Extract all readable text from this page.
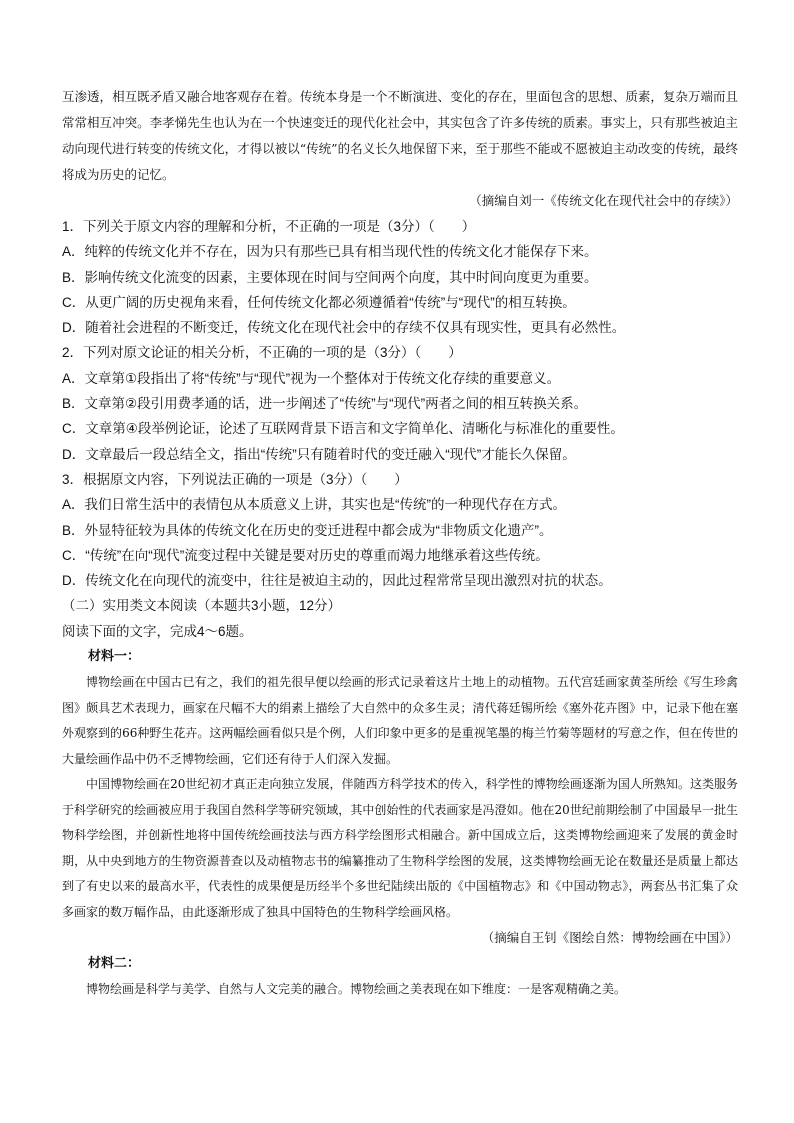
互渗透，相互既矛盾又融合地客观存在着。传统本身是一个不断演进、变化的存在，里面包含的思想、质素，复杂万端而且常常相互冲突。李孝悌先生也认为在一个快速变迁的现代化社会中，其实包含了许多传统的质素。事实上，只有那些被迫主动向现代进行转变的传统文化，才得以被以“传统”的名义长久地保留下来，至于那些不能或不愿被迫主动改变的传统，最终将成为历史的记忆。

（摘编自刘一《传统文化在现代社会中的存续》）

1．下列关于原文内容的理解和分析，不正确的一项是（3分）（　　）

A．纯粹的传统文化并不存在，因为只有那些已具有相当现代性的传统文化才能保存下来。

B．影响传统文化流变的因素，主要体现在时间与空间两个向度，其中时间向度更为重要。

C．从更广阔的历史视角来看，任何传统文化都必须遵循着“传统”与“现代”的相互转换。

D．随着社会进程的不断变迁，传统文化在现代社会中的存续不仅具有现实性，更具有必然性。

2．下列对原文论证的相关分析，不正确的一项的是（3分）（　　）

A．文章第①段指出了将“传统”与“现代”视为一个整体对于传统文化存续的重要意义。

B．文章第②段引用费孝通的话，进一步阐述了“传统”与“现代”两者之间的相互转换关系。

C．文章第④段举例论证，论述了互联网背景下语言和文字简单化、清晰化与标准化的重要性。

D．文章最后一段总结全文，指出“传统”只有随着时代的变迁融入“现代”才能长久保留。

3．根据原文内容，下列说法正确的一项是（3分）（　　）

A．我们日常生活中的表情包从本质意义上讲，其实也是“传统”的一种现代存在方式。

B．外显特征较为具体的传统文化在历史的变迁进程中都会成为“非物质文化遗产”。

C．“传统”在向“现代”流变过程中关键是要对历史的尊重而竭力地继承着这些传统。

D．传统文化在向现代的流变中，往往是被迫主动的，因此过程常常呈现出激烈对抗的状态。

（二）实用类文本阅读（本题共3小题，12分）

阅读下面的文字，完成4～6题。

材料一：

博物绘画在中国古已有之，我们的祖先很早便以绘画的形式记录着这片土地上的动植物。五代宫廷画家黄荃所绘《写生珍禽图》颇具艺术表现力，画家在尺幅不大的绢素上描绘了大自然中的众多生灵；清代蒋廷锡所绘《塞外花卉图》中，记录下他在塞外观察到的66种野生花卉。这两幅绘画看似只是个例，人们印象中更多的是重视笔墨的梅兰竹菊等题材的写意之作，但在传世的大量绘画作品中仍不乏博物绘画，它们还有待于人们深入发掘。

中国博物绘画在20世纪初才真正走向独立发展，伴随西方科学技术的传入，科学性的博物绘画逐渐为国人所熟知。这类服务于科学研究的绘画被应用于我国自然科学等研究领域，其中创始性的代表画家是冯澄如。他在20世纪前期绘制了中国最早一批生物科学绘图，并创新性地将中国传统绘画技法与西方科学绘图形式相融合。新中国成立后，这类博物绘画迎来了发展的黄金时期，从中央到地方的生物资源普查以及动植物志书的编纂推动了生物科学绘图的发展，这类博物绘画无论在数量还是质量上都达到了有史以来的最高水平，代表性的成果便是历经半个多世纪陆续出版的《中国植物志》和《中国动物志》，两套丛书汇集了众多画家的数万幅作品，由此逐渐形成了独具中国特色的生物科学绘画风格。

（摘编自王钊《图绘自然：博物绘画在中国》）

材料二：

博物绘画是科学与美学、自然与人文完美的融合。博物绘画之美表现在如下维度：一是客观精确之美。
